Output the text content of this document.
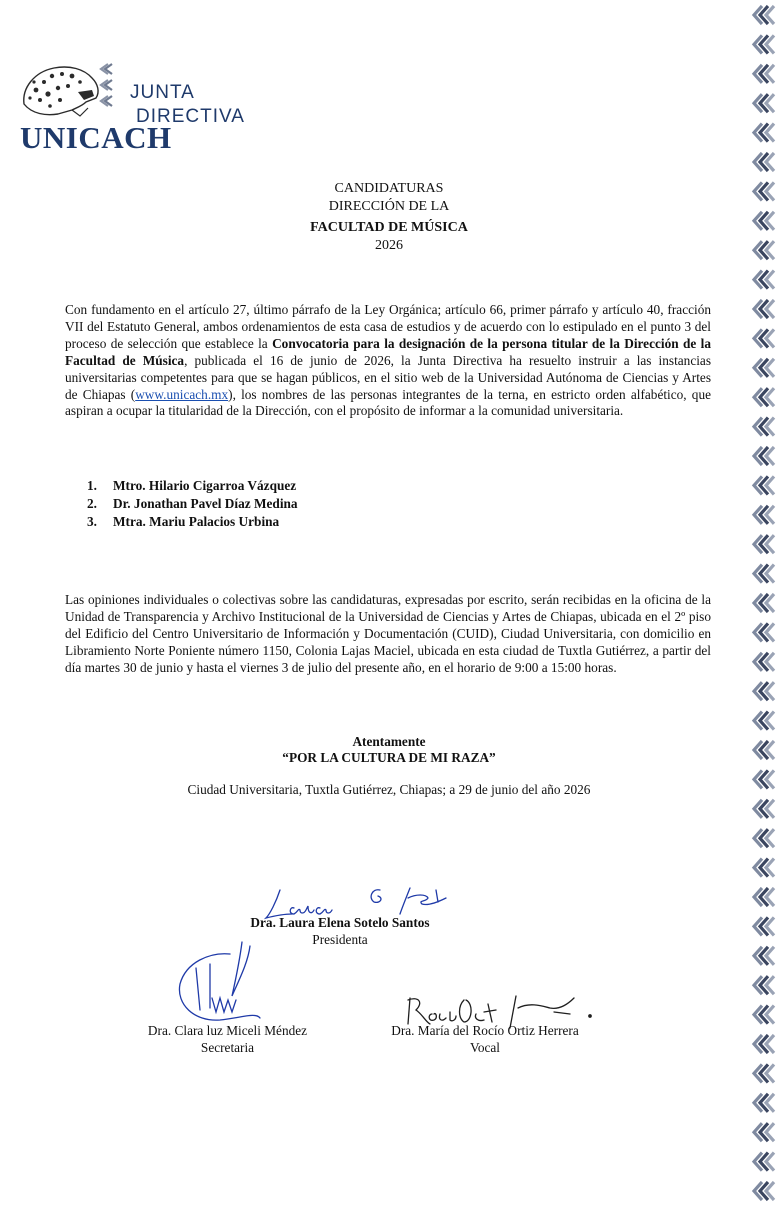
UNICACH
JUNTA
DIRECTIVA
CANDIDATURAS
DIRECCIÓN DE LA
FACULTAD DE MÚSICA
2026
Con fundamento en el artículo 27, último párrafo de la Ley Orgánica; artículo 66, primer párrafo y artículo 40, fracción VII del Estatuto General, ambos ordenamientos de esta casa de estudios y de acuerdo con lo estipulado en el punto 3 del proceso de selección que establece la Convocatoria para la designación de la persona titular de la Dirección de la Facultad de Música, publicada el 16 de junio de 2026, la Junta Directiva ha resuelto instruir a las instancias universitarias competentes para que se hagan públicos, en el sitio web de la Universidad Autónoma de Ciencias y Artes de Chiapas (www.unicach.mx), los nombres de las personas integrantes de la terna, en estricto orden alfabético, que aspiran a ocupar la titularidad de la Dirección, con el propósito de informar a la comunidad universitaria.
1.	Mtro. Hilario Cigarroa Vázquez
2.	Dr. Jonathan Pavel Díaz Medina
3.	Mtra. Mariu Palacios Urbina
Las opiniones individuales o colectivas sobre las candidaturas, expresadas por escrito, serán recibidas en la oficina de la Unidad de Transparencia y Archivo Institucional de la Universidad de Ciencias y Artes de Chiapas, ubicada en el 2º piso del Edificio del Centro Universitario de Información y Documentación (CUID), Ciudad Universitaria, con domicilio en Libramiento Norte Poniente número 1150, Colonia Lajas Maciel, ubicada en esta ciudad de Tuxtla Gutiérrez, a partir del día martes 30 de junio y hasta el viernes 3 de julio del presente año, en el horario de 9:00 a 15:00 horas.
Atentamente
“POR LA CULTURA DE MI RAZA”
Ciudad Universitaria, Tuxtla Gutiérrez, Chiapas; a 29 de junio del año 2026
Dra. Laura Elena Sotelo Santos
Presidenta
Dra. Clara luz Miceli Méndez
Secretaria
Dra. María del Rocío Ortiz Herrera
Vocal
